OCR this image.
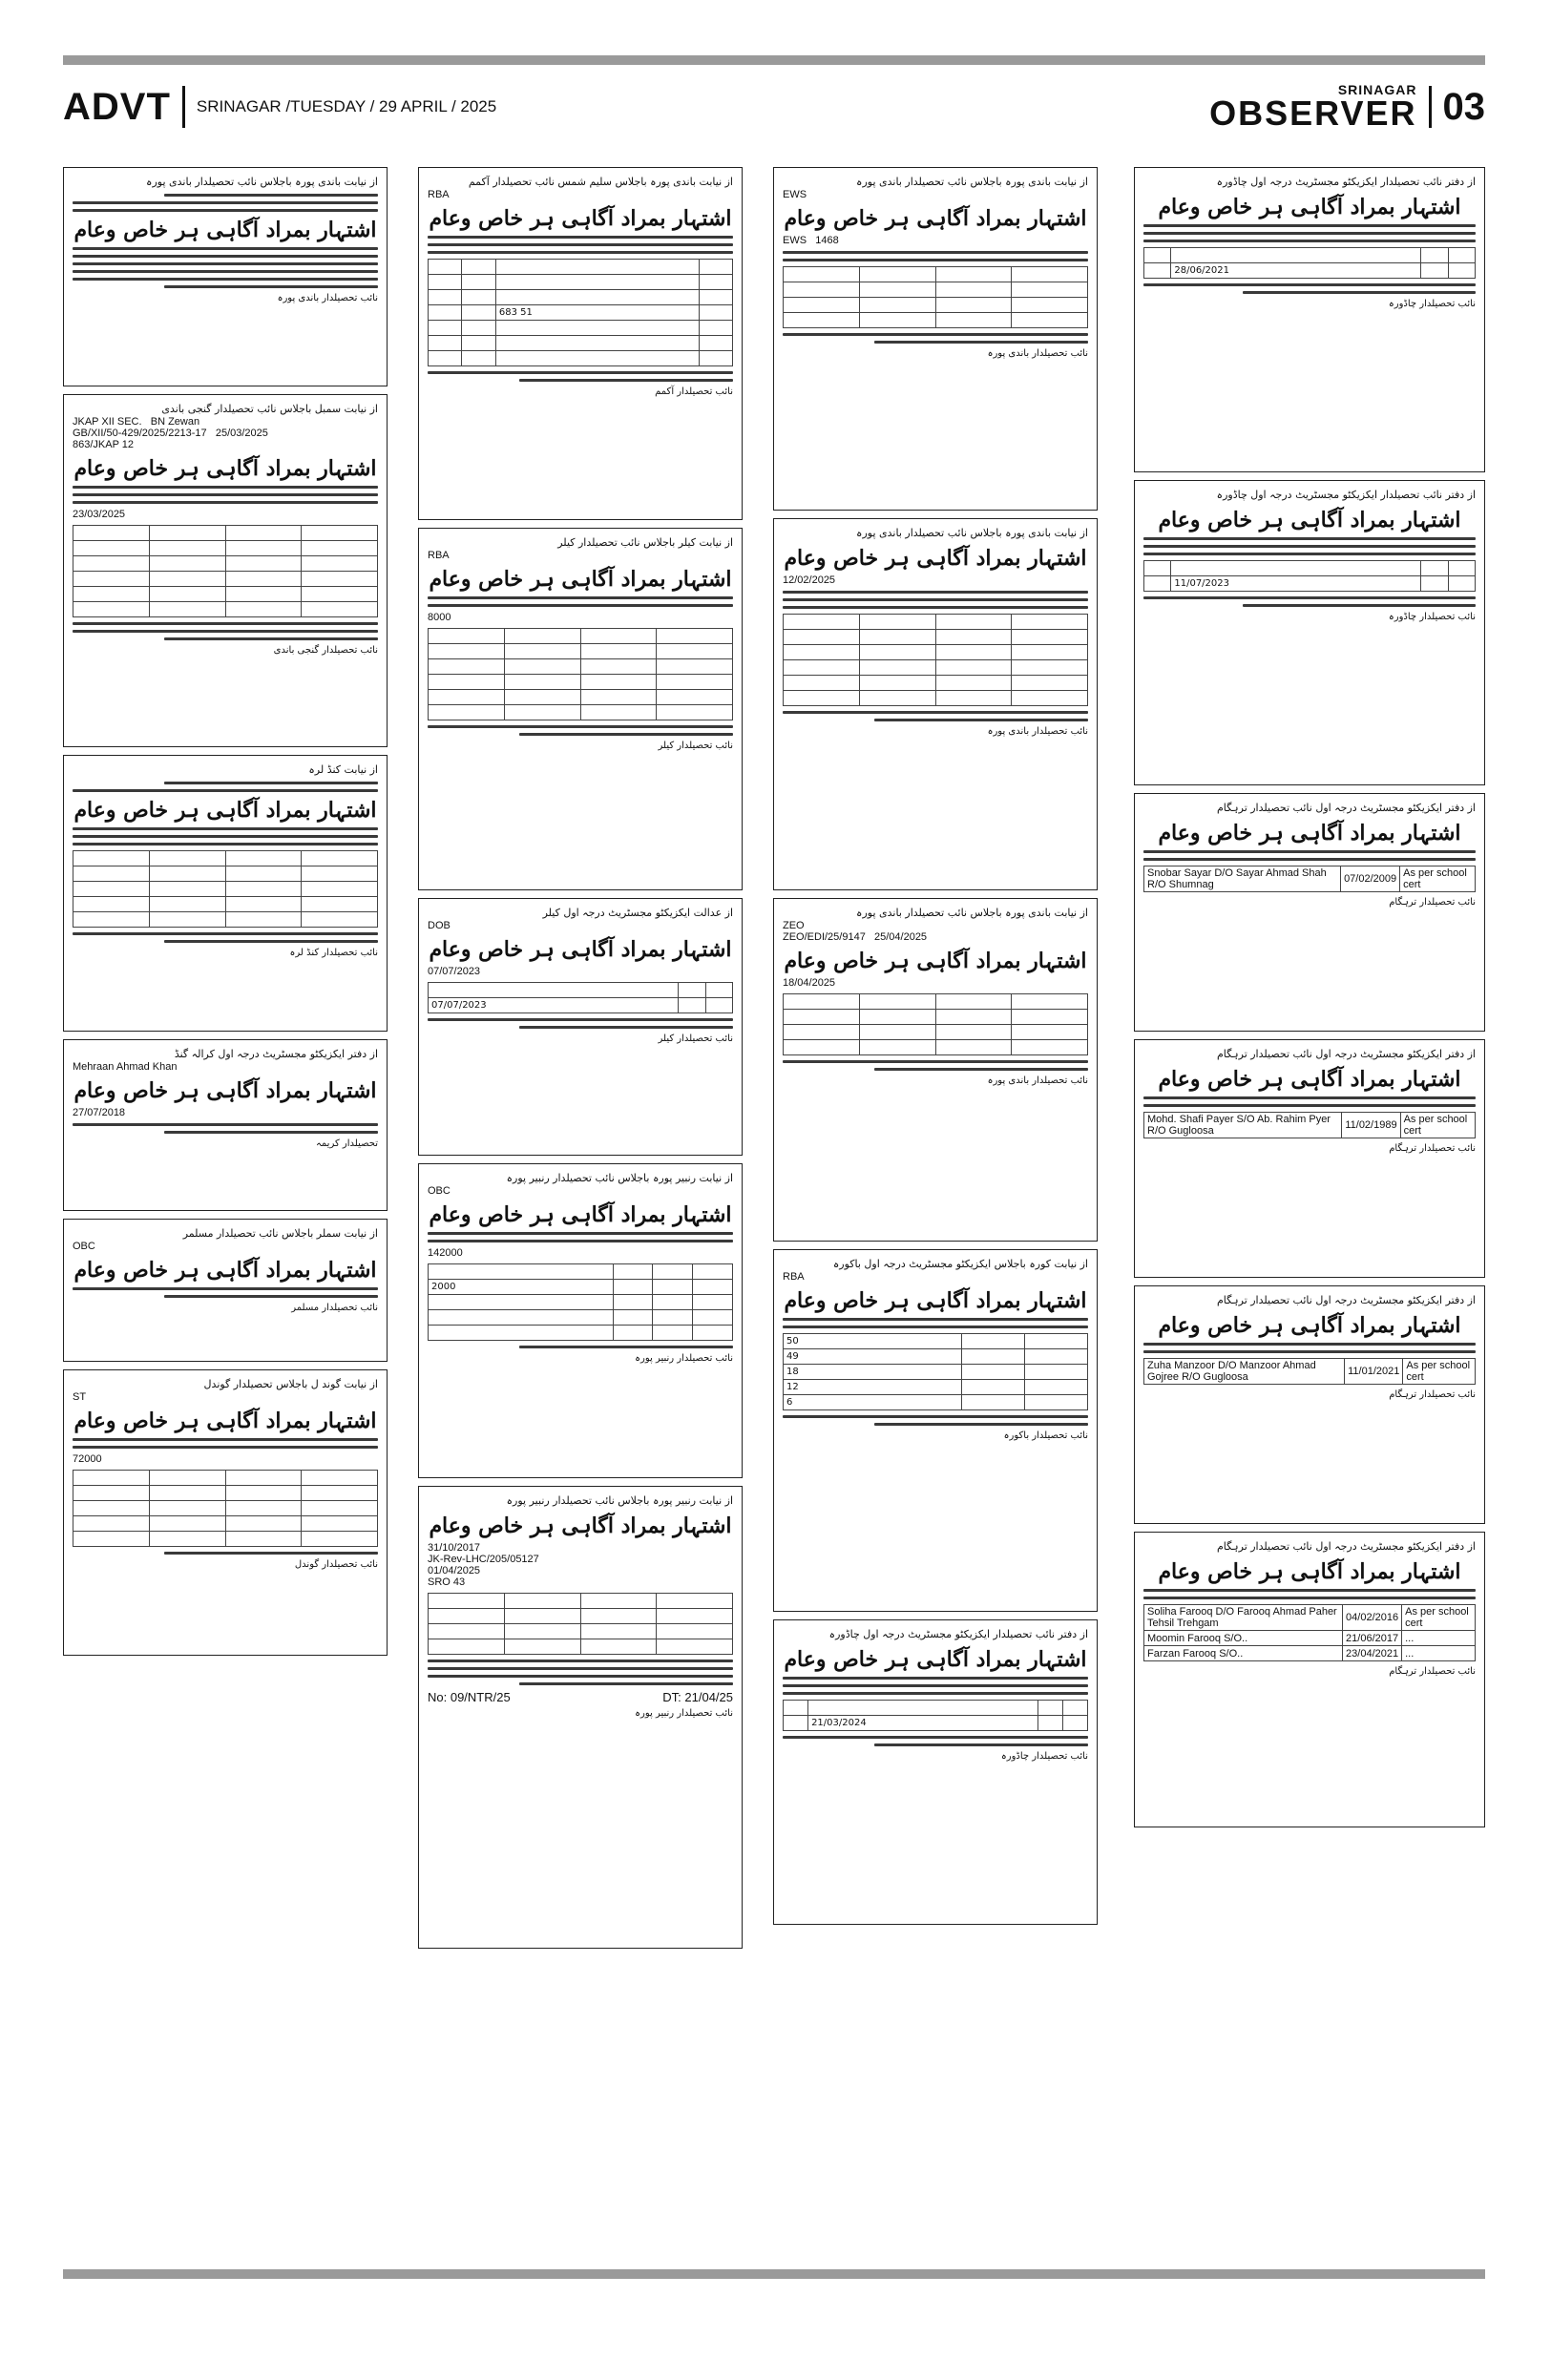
ADVT SRINAGAR /TUESDAY / 29 APRIL / 2025
SRINAGAR
OBSERVER 03
از نیابت باندی پورہ باجلاس نائب تحصیلدار باندی پورہ
اشتہار بمراد آگاہی ہر خاص وعام
نائب تحصیلدار باندی پورہ
از نیابت سمبل باجلاس نائب تحصیلدار گنجی باندی
JKAP XII SEC. BN Zewan
GB/XII/50-429/2025/2213-17 25/03/2025
863/JKAP 12
اشتہار بمراد آگاہی ہر خاص وعام
23/03/2025

نائب تحصیلدار گنجی باندی
از نیابت کنڈ لرہ
اشتہار بمراد آگاہی ہر خاص وعام

نائب تحصیلدار کنڈ لرہ
از دفتر ایکزیکٹو مجسٹریٹ درجہ اول کرالہ گنڈ
Mehraan Ahmad Khan
اشتہار بمراد آگاہی ہر خاص وعام
27/07/2018
تحصیلدار کریمہ
از نیابت سملر باجلاس نائب تحصیلدار مسلمر
OBC
اشتہار بمراد آگاہی ہر خاص وعام
نائب تحصیلدار مسلمر
از نیابت گوند ل باجلاس تحصیلدار گوندل
ST
اشتہار بمراد آگاہی ہر خاص وعام
72000

نائب تحصیلدار گوندل
از نیابت باندی پورہ باجلاس سلیم شمس نائب تحصیلدار آکمم
RBA
اشتہار بمراد آگاہی ہر خاص وعام

		683 51	

نائب تحصیلدار آکمم
از نیابت کیلر باجلاس نائب تحصیلدار کیلر
RBA
اشتہار بمراد آگاہی ہر خاص وعام
8000

نائب تحصیلدار کیلر
از عدالت ایکزیکٹو مجسٹریٹ درجہ اول کیلر
DOB
اشتہار بمراد آگاہی ہر خاص وعام
07/07/2023

07/07/2023		
نائب تحصیلدار کیلر
از نیابت رنبیر پورہ باجلاس نائب تحصیلدار رنبیر پورہ
OBC
اشتہار بمراد آگاہی ہر خاص وعام
142000

2000			

نائب تحصیلدار رنبیر پورہ
از نیابت رنبیر پورہ باجلاس نائب تحصیلدار رنبیر پورہ
اشتہار بمراد آگاہی ہر خاص وعام
31/10/2017
JK-Rev-LHC/205/05127
01/04/2025
SRO 43

No: 09/NTR/25	DT: 21/04/25
نائب تحصیلدار رنبیر پورہ
از نیابت باندی پورہ باجلاس نائب تحصیلدار باندی پورہ
EWS
اشتہار بمراد آگاہی ہر خاص وعام
EWS 1468

نائب تحصیلدار باندی پورہ
از نیابت باندی پورہ باجلاس نائب تحصیلدار باندی پورہ
اشتہار بمراد آگاہی ہر خاص وعام
12/02/2025

نائب تحصیلدار باندی پورہ
از نیابت باندی پورہ باجلاس نائب تحصیلدار باندی پورہ
ZEO
ZEO/EDI/25/9147 25/04/2025
اشتہار بمراد آگاہی ہر خاص وعام
18/04/2025

نائب تحصیلدار باندی پورہ
از نیابت کورہ باجلاس ایکزیکٹو مجسٹریٹ درجہ اول باکورہ
RBA
اشتہار بمراد آگاہی ہر خاص وعام
50		
49		
18		
12		
6		
نائب تحصیلدار باکورہ
از دفتر نائب تحصیلدار ایکزیکٹو مجسٹریٹ درجہ اول چاڈورہ
اشتہار بمراد آگاہی ہر خاص وعام

	21/03/2024		
نائب تحصیلدار چاڈورہ
از دفتر نائب تحصیلدار ایکزیکٹو مجسٹریٹ درجہ اول چاڈورہ
اشتہار بمراد آگاہی ہر خاص وعام

	28/06/2021		
نائب تحصیلدار چاڈورہ
از دفتر نائب تحصیلدار ایکزیکٹو مجسٹریٹ درجہ اول چاڈورہ
اشتہار بمراد آگاہی ہر خاص وعام

	11/07/2023		
نائب تحصیلدار چاڈورہ
از دفتر ایکزیکٹو مجسٹریٹ درجہ اول نائب تحصیلدار ترہگام
اشتہار بمراد آگاہی ہر خاص وعام
Snobar Sayar D/O Sayar Ahmad Shah R/O Shumnag	07/02/2009	As per school cert
نائب تحصیلدار ترہگام
از دفتر ایکزیکٹو مجسٹریٹ درجہ اول نائب تحصیلدار ترہگام
اشتہار بمراد آگاہی ہر خاص وعام
Mohd. Shafi Payer S/O Ab. Rahim Pyer R/O Gugloosa	11/02/1989	As per school cert
نائب تحصیلدار ترہگام
از دفتر ایکزیکٹو مجسٹریٹ درجہ اول نائب تحصیلدار ترہگام
اشتہار بمراد آگاہی ہر خاص وعام
Zuha Manzoor D/O Manzoor Ahmad Gojree R/O Gugloosa	11/01/2021	As per school cert
نائب تحصیلدار ترہگام
از دفتر ایکزیکٹو مجسٹریٹ درجہ اول نائب تحصیلدار ترہگام
اشتہار بمراد آگاہی ہر خاص وعام
Soliha Farooq D/O Farooq Ahmad Paher Tehsil Trehgam	04/02/2016	As per school cert
Moomin Farooq S/O..	21/06/2017	...
Farzan Farooq S/O..	23/04/2021	...
نائب تحصیلدار ترہگام
